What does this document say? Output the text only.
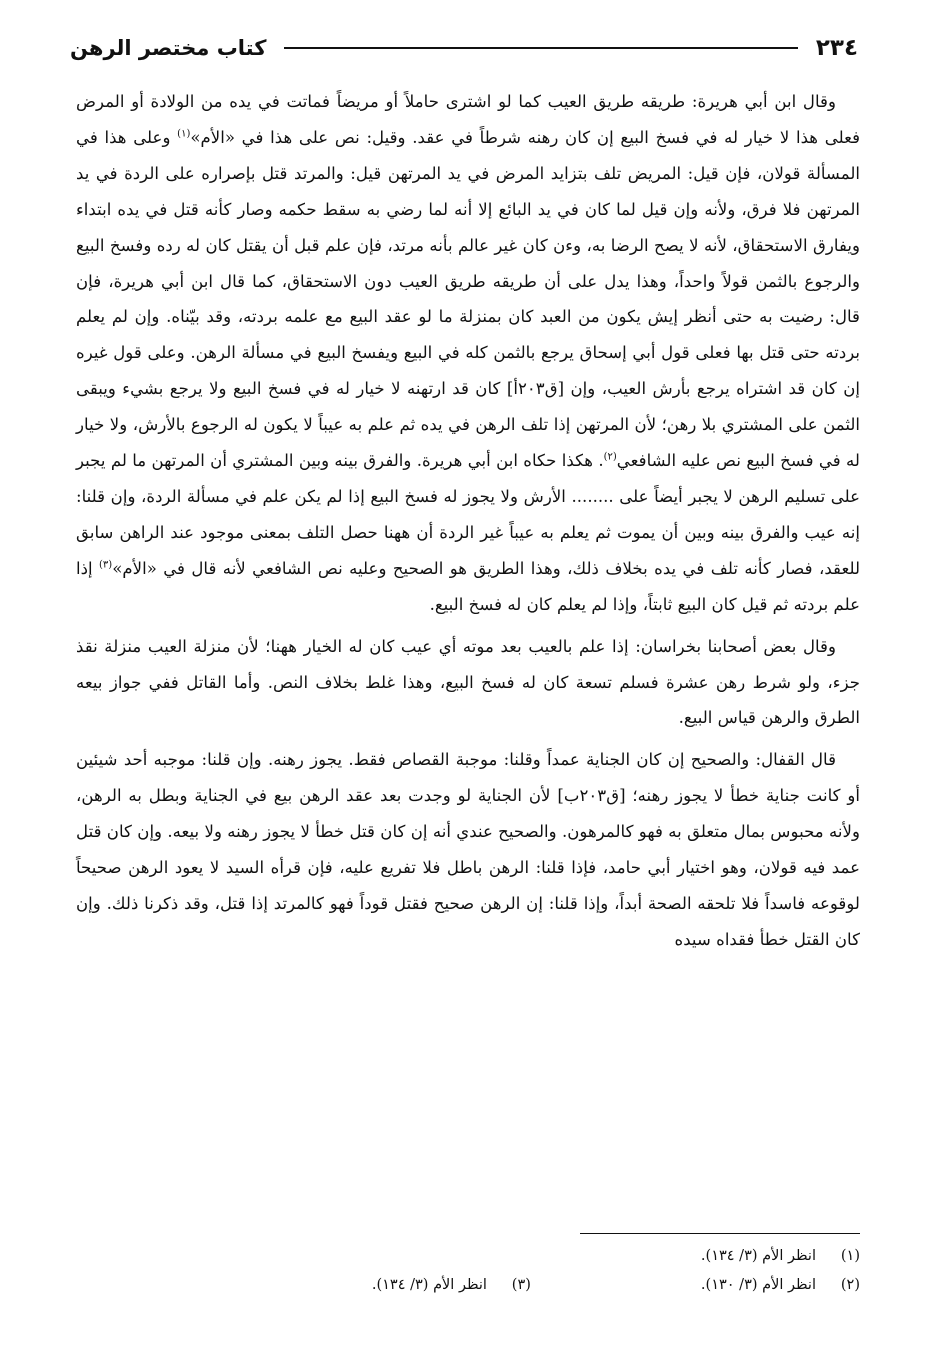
٢٣٤
كتاب مختصر الرهن

وقال ابن أبي هريرة: طريقه طريق العيب كما لو اشترى حاملاً أو مريضاً فماتت في يده من الولادة أو المرض فعلى هذا لا خيار له في فسخ البيع إن كان رهنه شرطاً في عقد. وقيل: نص على هذا في «الأم»$^{(١)}$ وعلى هذا في المسألة قولان، فإن قيل: المريض تلف بتزايد المرض في يد المرتهن قيل: والمرتد قتل بإصراره على الردة في يد المرتهن فلا فرق، ولأنه وإن قيل لما كان في يد البائع إلا أنه لما رضي به سقط حكمه وصار كأنه قتل في يده ابتداء ويفارق الاستحقاق، لأنه لا يصح الرضا به، وءن كان غير عالم بأنه مرتد، فإن علم قبل أن يقتل كان له رده وفسخ البيع والرجوع بالثمن قولاً واحداً، وهذا يدل على أن طريقه طريق العيب دون الاستحقاق، كما قال ابن أبي هريرة، فإن قال: رضيت به حتى أنظر إيش يكون من العبد كان بمنزلة ما لو عقد البيع مع علمه بردته، وقد بيّناه. وإن لم يعلم بردته حتى قتل بها فعلى قول أبي إسحاق يرجع بالثمن كله في البيع ويفسخ البيع في مسألة الرهن. وعلى قول غيره إن كان قد اشتراه يرجع بأرش العيب، وإن [ق٢٠٣أ] كان قد ارتهنه لا خيار له في فسخ البيع ولا يرجع بشيء ويبقى الثمن على المشتري بلا رهن؛ لأن المرتهن إذا تلف الرهن في يده ثم علم به عيباً لا يكون له الرجوع بالأرش، ولا خيار له في فسخ البيع نص عليه الشافعي$^{(٢)}$. هكذا حكاه ابن أبي هريرة. والفرق بينه وبين المشتري أن المرتهن ما لم يجبر على تسليم الرهن لا يجبر أيضاً على ........ الأرش ولا يجوز له فسخ البيع إذا لم يكن علم في مسألة الردة، وإن قلنا: إنه عيب والفرق بينه وبين أن يموت ثم يعلم به عيباً غير الردة أن ههنا حصل التلف بمعنى موجود عند الراهن سابق للعقد، فصار كأنه تلف في يده بخلاف ذلك، وهذا الطريق هو الصحيح وعليه نص الشافعي لأنه قال في «الأم»$^{(٣)}$ إذا علم بردته ثم قيل كان البيع ثابتاً، وإذا لم يعلم كان له فسخ البيع.

وقال بعض أصحابنا بخراسان: إذا علم بالعيب بعد موته أي عيب كان له الخيار ههنا؛ لأن منزلة العيب منزلة نقذ جزء، ولو شرط رهن عشرة فسلم تسعة كان له فسخ البيع، وهذا غلط بخلاف النص. وأما القاتل ففي جواز بيعه الطرق والرهن قياس البيع.

قال القفال: والصحيح إن كان الجناية عمداً وقلنا: موجبة القصاص فقط. يجوز رهنه. وإن قلنا: موجبه أحد شيئين أو كانت جناية خطأ لا يجوز رهنه؛ [ق٢٠٣ب] لأن الجناية لو وجدت بعد عقد الرهن بيع في الجناية وبطل به الرهن، ولأنه محبوس بمال متعلق به فهو كالمرهون. والصحيح عندي أنه إن كان قتل خطأ لا يجوز رهنه ولا بيعه. وإن كان قتل عمد فيه قولان، وهو اختيار أبي حامد، فإذا قلنا: الرهن باطل فلا تفريع عليه، فإن قرأه السيد لا يعود الرهن صحيحاً لوقوعه فاسداً فلا تلحقه الصحة أبداً، وإذا قلنا: إن الرهن صحيح فقتل قوداً فهو كالمرتد إذا قتل، وقد ذكرنا ذلك. وإن كان القتل خطأ فقداه سيده

(١)انظر الأم (٣/ ١٣٤).
(٢)انظر الأم (٣/ ١٣٠).
(٣)انظر الأم (٣/ ١٣٤).
